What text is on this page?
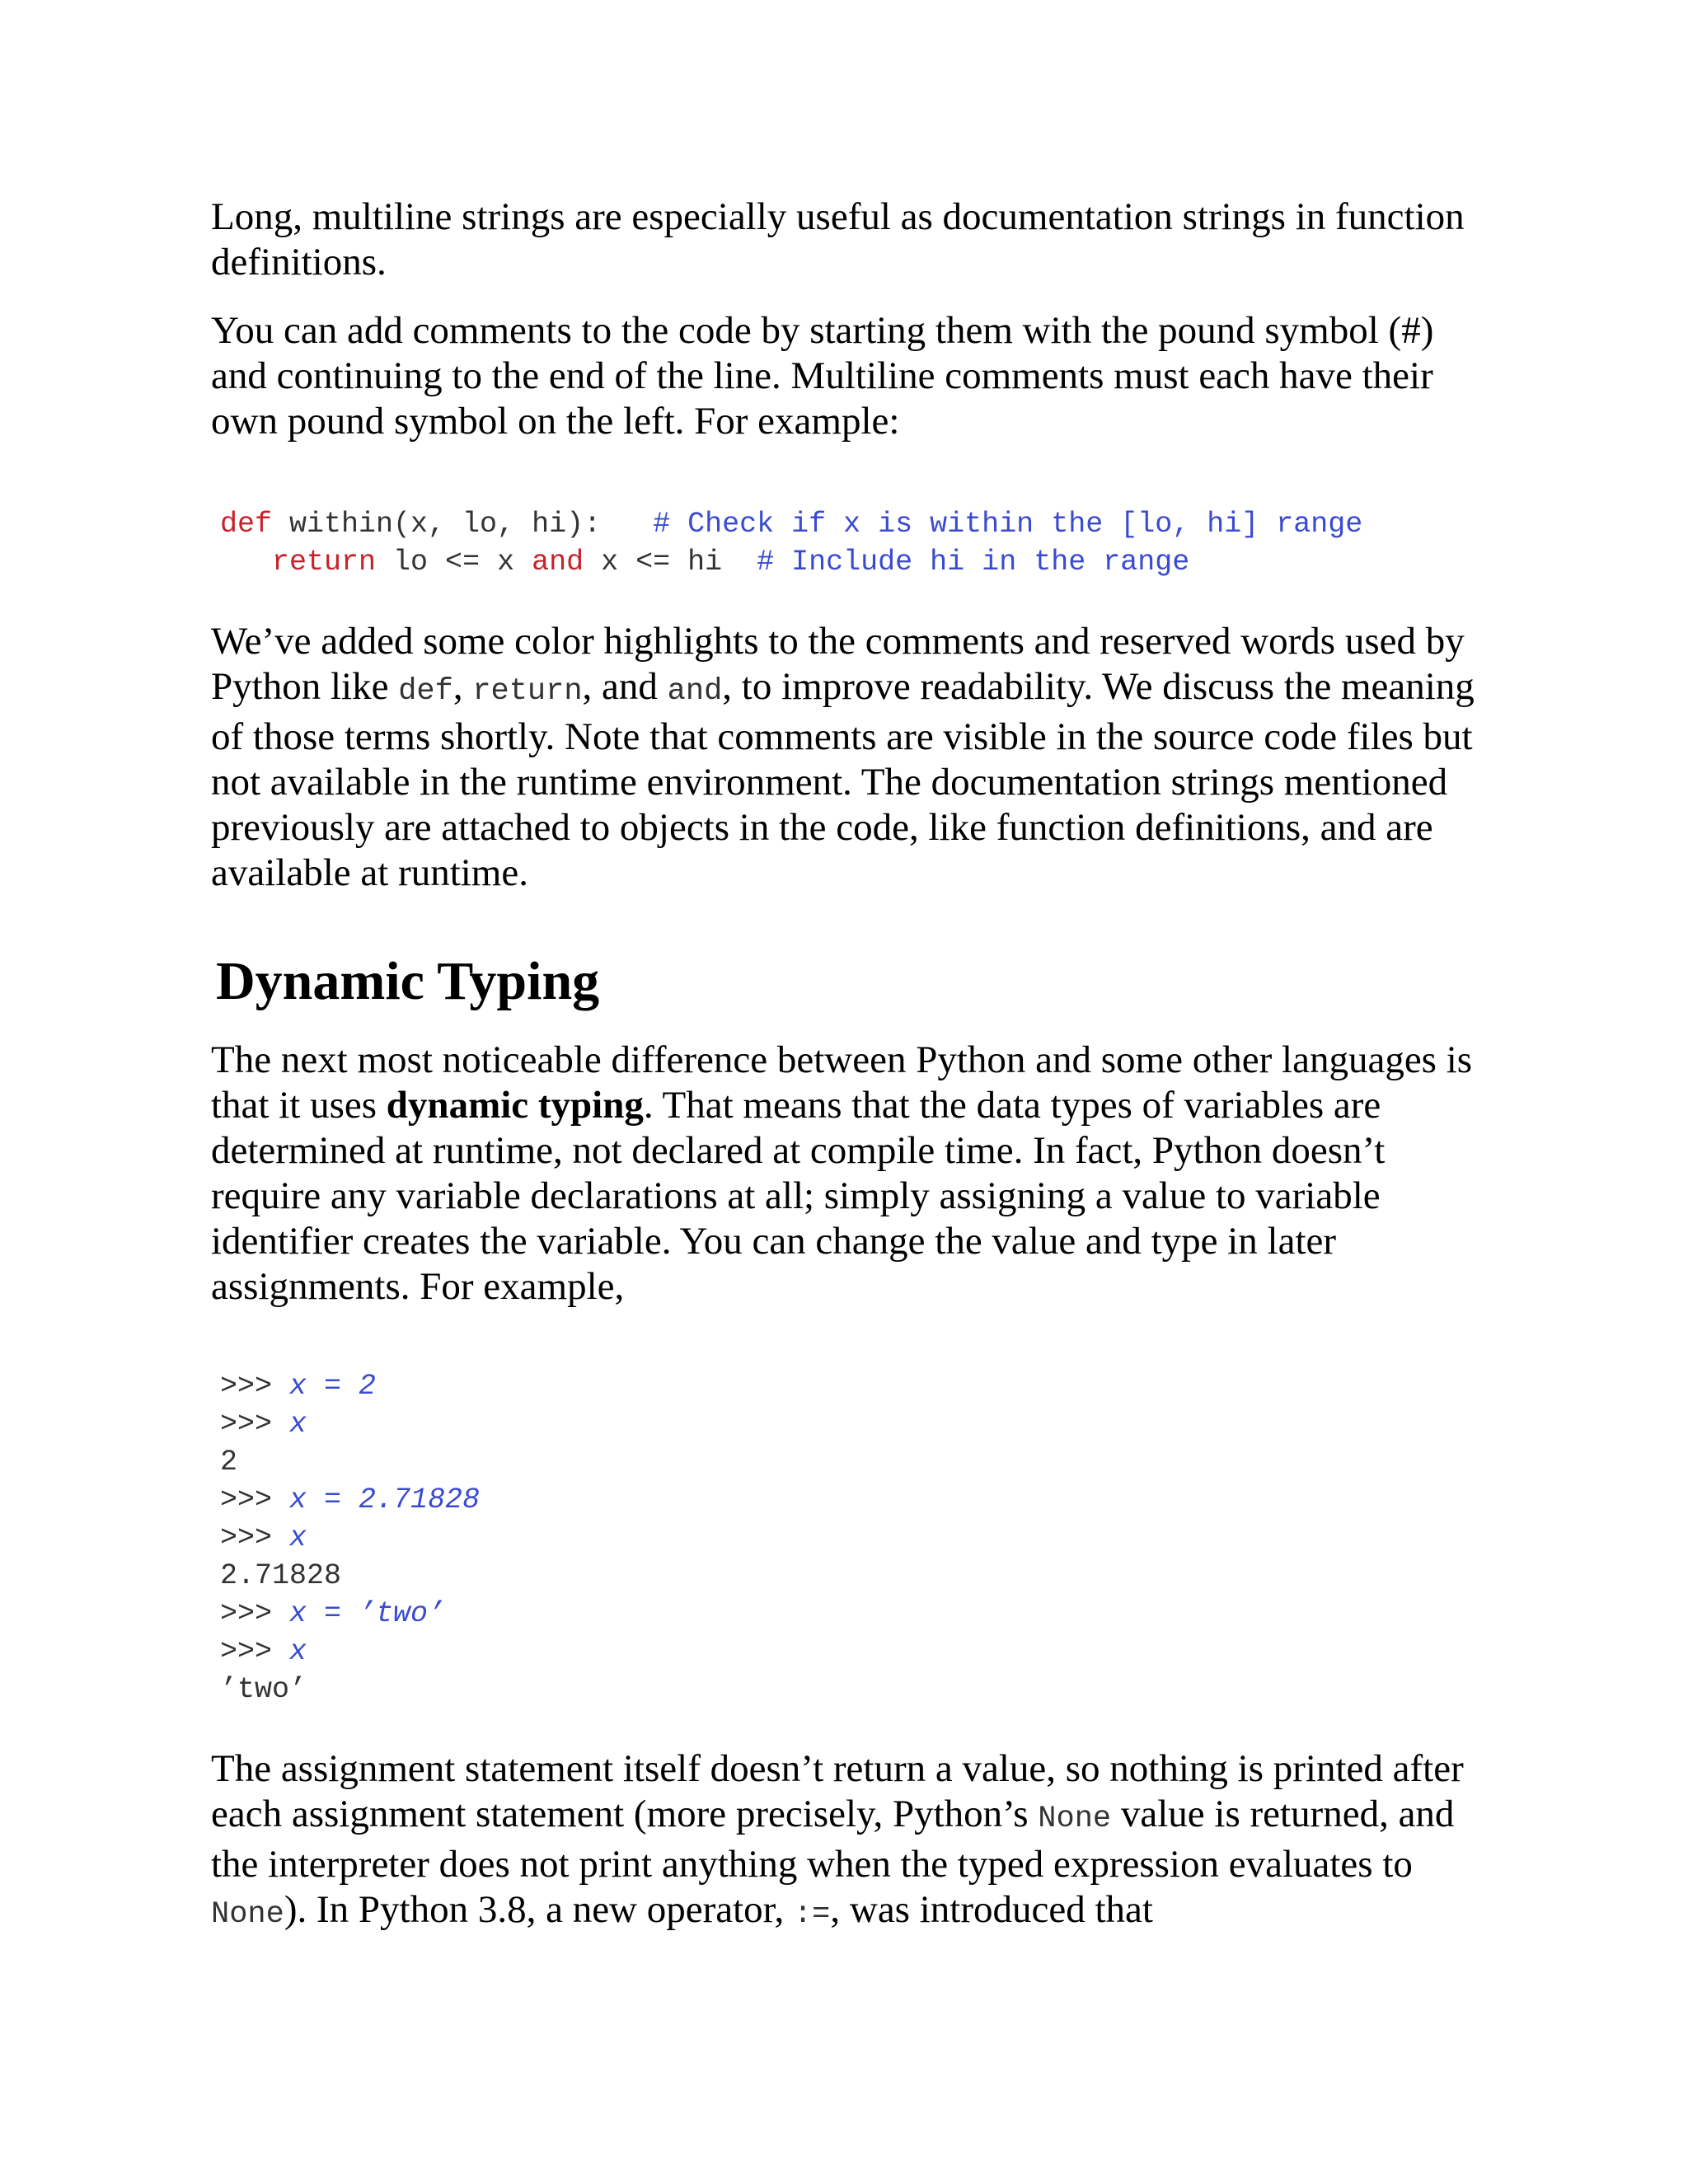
Long, multiline strings are especially useful as documentation strings in function definitions.

You can add comments to the code by starting them with the pound symbol (#) and continuing to the end of the line. Multiline comments must each have their own pound symbol on the left. For example:

def within(x, lo, hi): # Check if x is within the [lo, hi] range
return lo <= x and x <= hi  # Include hi in the range

We’ve added some color highlights to the comments and reserved words used by Python like def, return, and and, to improve readability. We discuss the meaning of those terms shortly. Note that comments are visible in the source code files but not available in the runtime environment. The documentation strings mentioned previously are attached to objects in the code, like function definitions, and are available at runtime.

Dynamic Typing

The next most noticeable difference between Python and some other languages is that it uses dynamic typing. That means that the data types of variables are determined at runtime, not declared at compile time. In fact, Python doesn’t require any variable declarations at all; simply assigning a value to variable identifier creates the variable. You can change the value and type in later assignments. For example,

>>> x = 2
>>> x
2
>>> x = 2.71828
>>> x
2.71828
>>> x = ’two’
>>> x
’two’

The assignment statement itself doesn’t return a value, so nothing is printed after each assignment statement (more precisely, Python’s None value is returned, and the interpreter does not print anything when the typed expression evaluates to None). In Python 3.8, a new operator, :=, was introduced that
